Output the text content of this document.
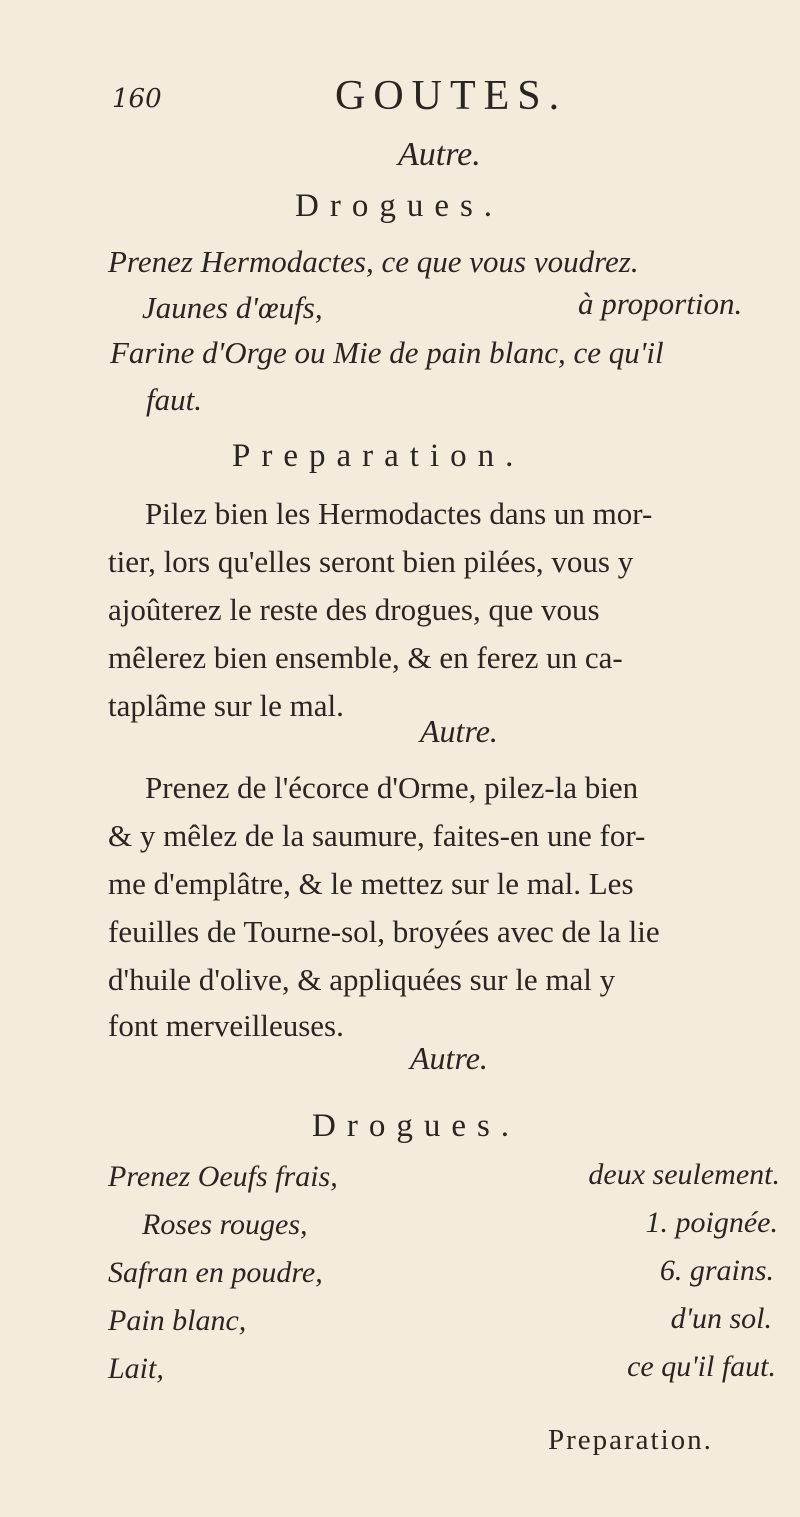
160	GOUTES.
Autre.
Drogues.
Prenez Hermodactes, ce que vous voudrez.
Jaunes d'œufs,	à proportion.
Farine d'Orge ou Mie de pain blanc, ce qu'il
faut.
Preparation.
Pilez bien les Hermodactes dans un mor-
tier, lors qu'elles seront bien pilées, vous y
ajoûterez le reste des drogues, que vous
mêlerez bien ensemble, & en ferez un ca-
taplâme sur le mal.
Autre.
Prenez de l'écorce d'Orme, pilez-la bien
& y mêlez de la saumure, faites-en une for-
me d'emplâtre, & le mettez sur le mal. Les
feuilles de Tourne-sol, broyées avec de la lie
d'huile d'olive, & appliquées sur le mal y
font merveilleuses.
Autre.
Drogues.
Prenez Oeufs frais,
Roses rouges,
Safran en poudre,
Pain blanc,
Lait,
deux seulement.
1. poignée.
6. grains.
d'un sol.
ce qu'il faut.
Preparation.
